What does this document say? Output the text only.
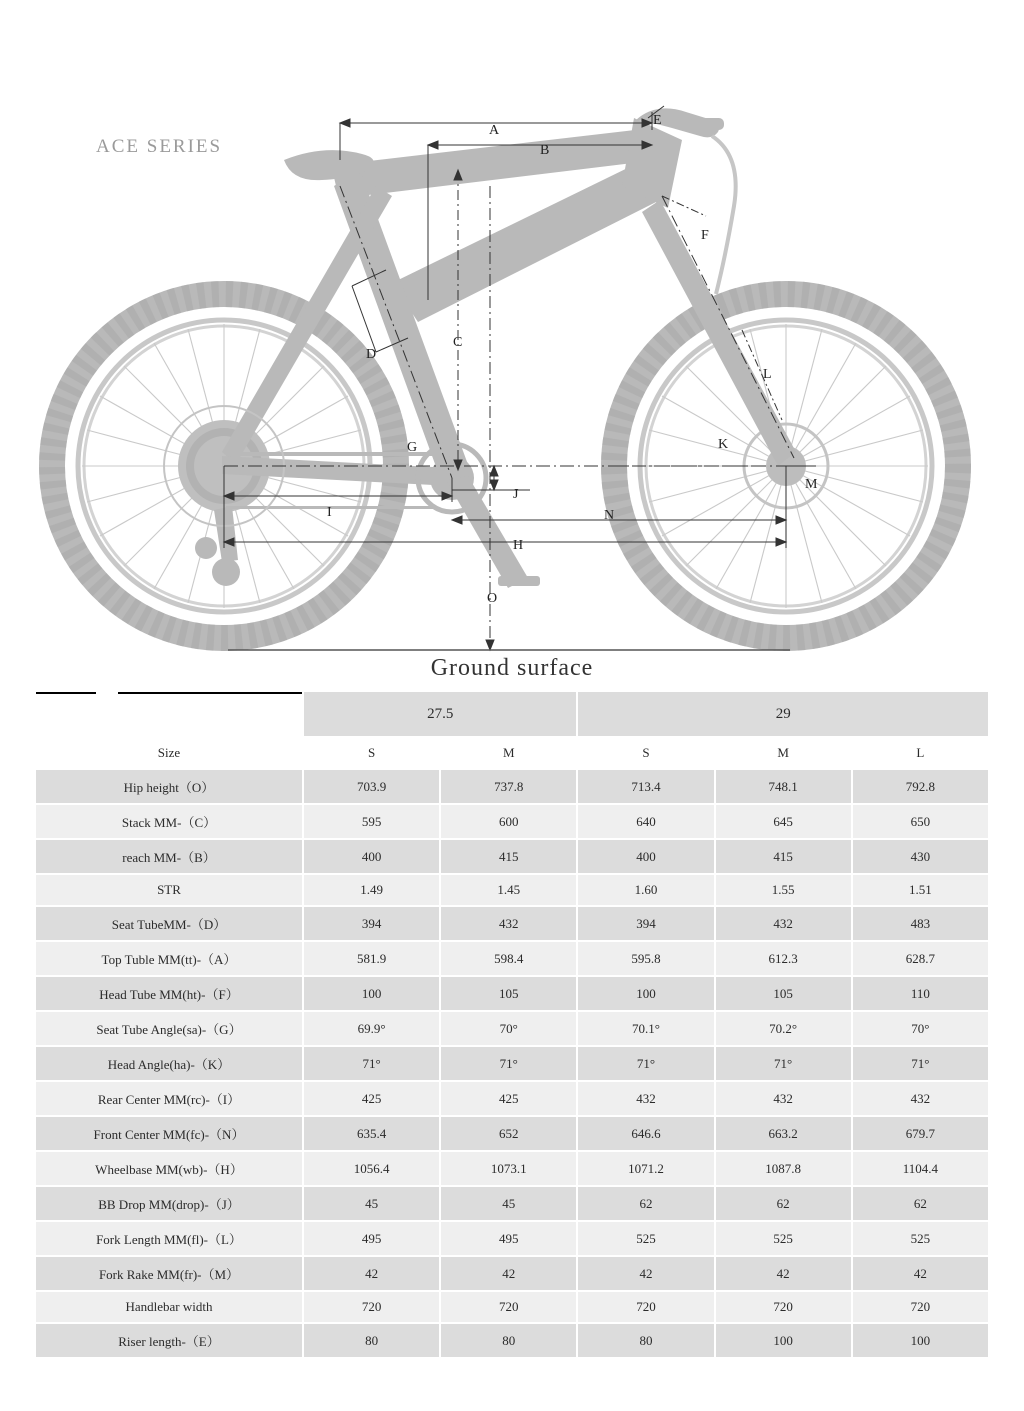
ACE SERIES
Ground surface
A
B
C
D
E
F
G
H
I
J
K
L
M
N
O
	27.5		29		
Size	S	M	S	M	L
Hip height（O）	703.9	737.8	713.4	748.1	792.8
Stack MM-（C）	595	600	640	645	650
reach MM-（B）	400	415	400	415	430
STR	1.49	1.45	1.60	1.55	1.51
Seat TubeMM-（D）	394	432	394	432	483
Top Tuble MM(tt)-（A）	581.9	598.4	595.8	612.3	628.7
Head Tube MM(ht)-（F）	100	105	100	105	110
Seat Tube Angle(sa)-（G）	69.9°	70°	70.1°	70.2°	70°
Head Angle(ha)-（K）	71°	71°	71°	71°	71°
Rear Center MM(rc)-（I）	425	425	432	432	432
Front Center MM(fc)-（N）	635.4	652	646.6	663.2	679.7
Wheelbase MM(wb)-（H）	1056.4	1073.1	1071.2	1087.8	1104.4
BB Drop MM(drop)-（J）	45	45	62	62	62
Fork Length MM(fl)-（L）	495	495	525	525	525
Fork Rake MM(fr)-（M）	42	42	42	42	42
Handlebar width	720	720	720	720	720
Riser length-（E）	80	80	80	100	100
